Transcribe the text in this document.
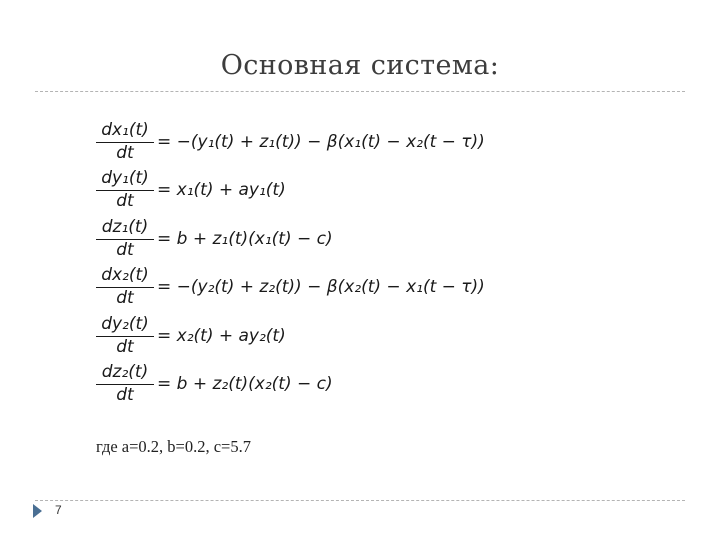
Основная система:
dx₁(t)
dt
= −(y₁(t) + z₁(t)) − β(x₁(t) − x₂(t − τ))
dy₁(t)
dt
= x₁(t) + ay₁(t)
dz₁(t)
dt
= b + z₁(t)(x₁(t) − c)
dx₂(t)
dt
= −(y₂(t) + z₂(t)) − β(x₂(t) − x₁(t − τ))
dy₂(t)
dt
= x₂(t) + ay₂(t)
dz₂(t)
dt
= b + z₂(t)(x₂(t) − c)
где a=0.2, b=0.2, c=5.7
7
